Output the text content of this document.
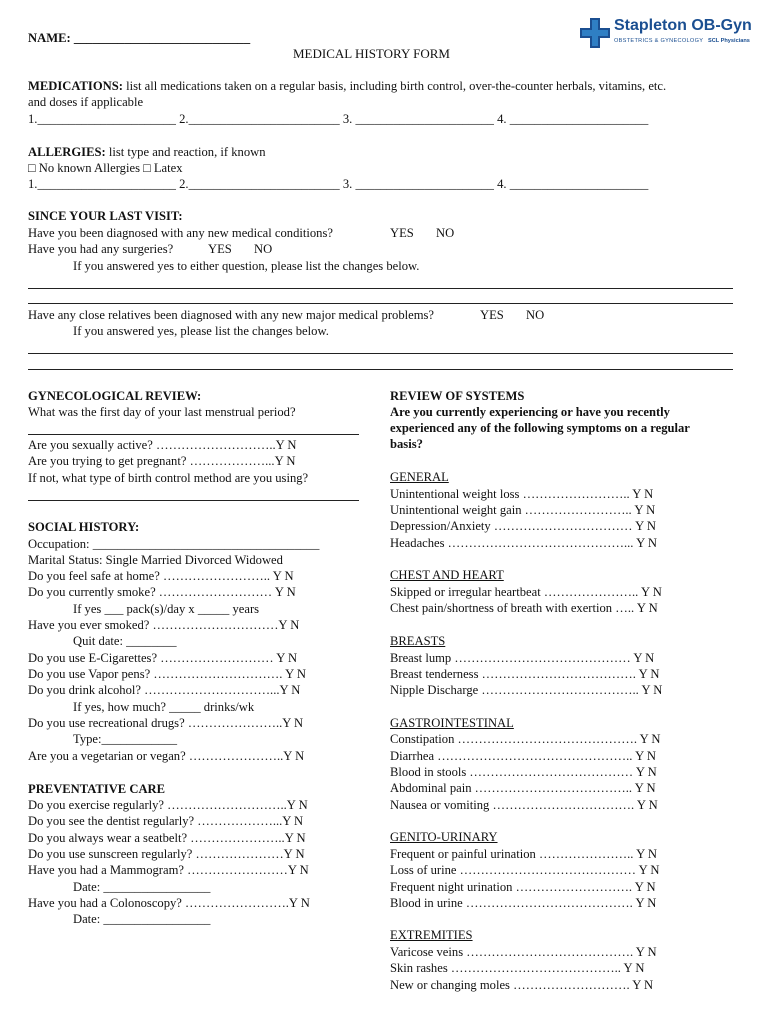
NAME: ____________________________
MEDICAL HISTORY FORM
Stapleton OB-Gyn
OBSTETRICS & GYNECOLOGY SCL Physicians
MEDICATIONS: list all medications taken on a regular basis, including birth control, over-the-counter herbals, vitamins, etc.
and doses if applicable
1.______________________ 2.________________________ 3. ______________________ 4. ______________________
ALLERGIES: list type and reaction, if known
□ No known Allergies □ Latex
1.______________________ 2.________________________ 3. ______________________ 4. ______________________
SINCE YOUR LAST VISIT:
Have you been diagnosed with any new medical conditions?	YES NO
Have you had any surgeries?	YES NO
If you answered yes to either question, please list the changes below.
Have any close relatives been diagnosed with any new major medical problems?	YES NO
If you answered yes, please list the changes below.
GYNECOLOGICAL REVIEW:
What was the first day of your last menstrual period?
Are you sexually active? ………………………..Y N
Are you trying to get pregnant? ………………...Y N
If not, what type of birth control method are you using?
SOCIAL HISTORY:
Occupation: ____________________________________
Marital Status: Single Married Divorced Widowed
Do you feel safe at home? …………………….. Y N
Do you currently smoke? ……………………… Y N
If yes ___ pack(s)/day x _____ years
Have you ever smoked? …………………………Y N
Quit date: ________
Do you use E-Cigarettes? ……………………… Y N
Do you use Vapor pens? …………………………. Y N
Do you drink alcohol? …………………………...Y N
If yes, how much? _____ drinks/wk
Do you use recreational drugs? …………………..Y N
Type:____________
Are you a vegetarian or vegan? …………………..Y N
PREVENTATIVE CARE
Do you exercise regularly? ………………………..Y N
Do you see the dentist regularly? ………………...Y N
Do you always wear a seatbelt? …………………..Y N
Do you use sunscreen regularly? …………………Y N
Have you had a Mammogram? ……………………Y N
Date: _________________
Have you had a Colonoscopy? …………………….Y N
Date: _________________
REVIEW OF SYSTEMS
Are you currently experiencing or have you recently
experienced any of the following symptoms on a regular
basis?
GENERAL
Unintentional weight loss …………………….. Y N
Unintentional weight gain …………………….. Y N
Depression/Anxiety …………………………… Y N
Headaches ……………………………………... Y N
CHEST AND HEART
Skipped or irregular heartbeat ………………….. Y N
Chest pain/shortness of breath with exertion ….. Y N
BREASTS
Breast lump …………………………………… Y N
Breast tenderness ………………………………. Y N
Nipple Discharge ……………………………….. Y N
GASTROINTESTINAL
Constipation ……………………………………. Y N
Diarrhea ……………………………………….. Y N
Blood in stools ………………………………… Y N
Abdominal pain ……………………………….. Y N
Nausea or vomiting ……………………………. Y N
GENITO-URINARY
Frequent or painful urination ………………….. Y N
Loss of urine …………………………………… Y N
Frequent night urination ………………………. Y N
Blood in urine …………………………………. Y N
EXTREMITIES
Varicose veins …………………………………. Y N
Skin rashes ………………………………….. Y N
New or changing moles ………………………. Y N
